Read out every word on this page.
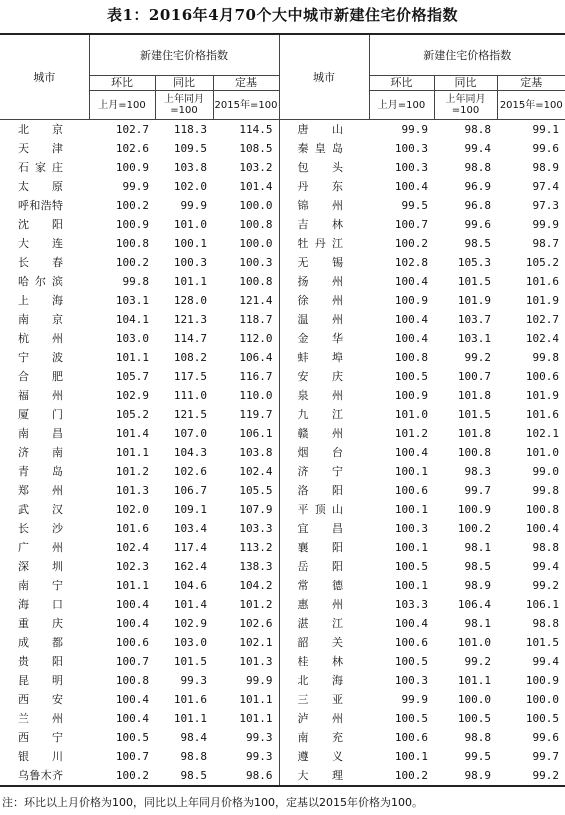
表1：2016年4月70个大中城市新建住宅价格指数
城市	新建住宅价格指数			城市	新建住宅价格指数		
	环比	同比	定基		环比	同比	定基
	上月=100	上年同月=100	2015年=100		上月=100	上年同月=100	2015年=100
北京	102.7	118.3	114.5	唐山	99.9	98.8	99.1
天津	102.6	109.5	108.5	秦皇岛	100.3	99.4	99.6
石家庄	100.9	103.8	103.2	包头	100.3	98.8	98.9
太原	99.9	102.0	101.4	丹东	100.4	96.9	97.4
呼和浩特	100.2	99.9	100.0	锦州	99.5	96.8	97.3
沈阳	100.9	101.0	100.8	吉林	100.7	99.6	99.9
大连	100.8	100.1	100.0	牡丹江	100.2	98.5	98.7
长春	100.2	100.3	100.3	无锡	102.8	105.3	105.2
哈尔滨	99.8	101.1	100.8	扬州	100.4	101.5	101.6
上海	103.1	128.0	121.4	徐州	100.9	101.9	101.9
南京	104.1	121.3	118.7	温州	100.4	103.7	102.7
杭州	103.0	114.7	112.0	金华	100.4	103.1	102.4
宁波	101.1	108.2	106.4	蚌埠	100.8	99.2	99.8
合肥	105.7	117.5	116.7	安庆	100.5	100.7	100.6
福州	102.9	111.0	110.0	泉州	100.9	101.8	101.9
厦门	105.2	121.5	119.7	九江	101.0	101.5	101.6
南昌	101.4	107.0	106.1	赣州	101.2	101.8	102.1
济南	101.1	104.3	103.8	烟台	100.4	100.8	101.0
青岛	101.2	102.6	102.4	济宁	100.1	98.3	99.0
郑州	101.3	106.7	105.5	洛阳	100.6	99.7	99.8
武汉	102.0	109.1	107.9	平顶山	100.1	100.9	100.8
长沙	101.6	103.4	103.3	宜昌	100.3	100.2	100.4
广州	102.4	117.4	113.2	襄阳	100.1	98.1	98.8
深圳	102.3	162.4	138.3	岳阳	100.5	98.5	99.4
南宁	101.1	104.6	104.2	常德	100.1	98.9	99.2
海口	100.4	101.4	101.2	惠州	103.3	106.4	106.1
重庆	100.4	102.9	102.6	湛江	100.4	98.1	98.8
成都	100.6	103.0	102.1	韶关	100.6	101.0	101.5
贵阳	100.7	101.5	101.3	桂林	100.5	99.2	99.4
昆明	100.8	99.3	99.9	北海	100.3	101.1	100.9
西安	100.4	101.6	101.1	三亚	99.9	100.0	100.0
兰州	100.4	101.1	101.1	泸州	100.5	100.5	100.5
西宁	100.5	98.4	99.3	南充	100.6	98.8	99.6
银川	100.7	98.8	99.3	遵义	100.1	99.5	99.7
乌鲁木齐	100.2	98.5	98.6	大理	100.2	98.9	99.2
注：环比以上月价格为100，同比以上年同月价格为100，定基以2015年价格为100。
